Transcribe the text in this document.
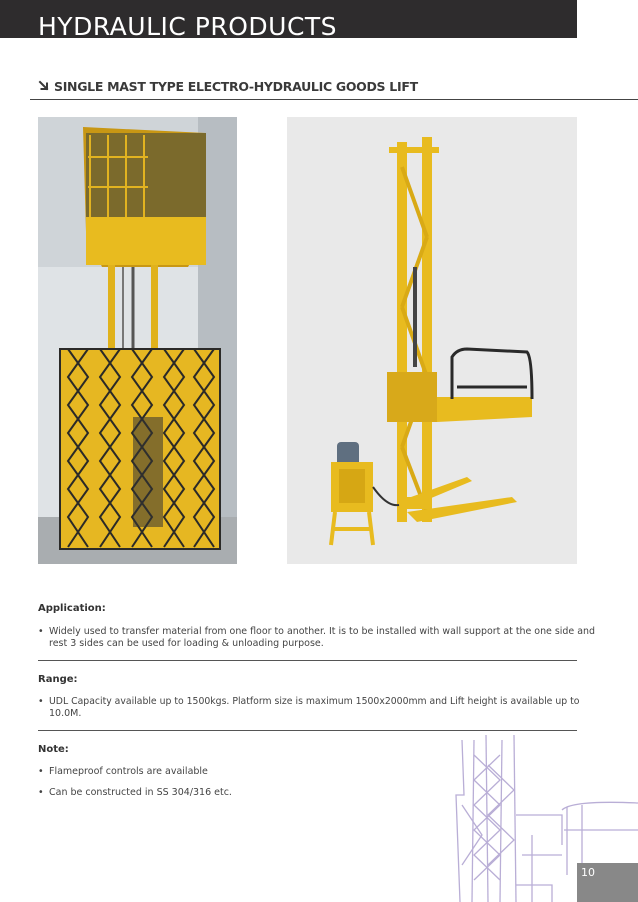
HYDRAULIC PRODUCTS
SINGLE MAST TYPE ELECTRO-HYDRAULIC GOODS LIFT
Application:
• Widely used to transfer material from one floor to another. It is to be installed with wall support at the one side and
rest 3 sides can be used for loading & unloading purpose.
Range:
• UDL Capacity available up to 1500kgs. Platform size is maximum 1500x2000mm and Lift height is available up to
10.0M.
Note:
• Flameproof controls are available
• Can be constructed in SS 304/316 etc.
10
